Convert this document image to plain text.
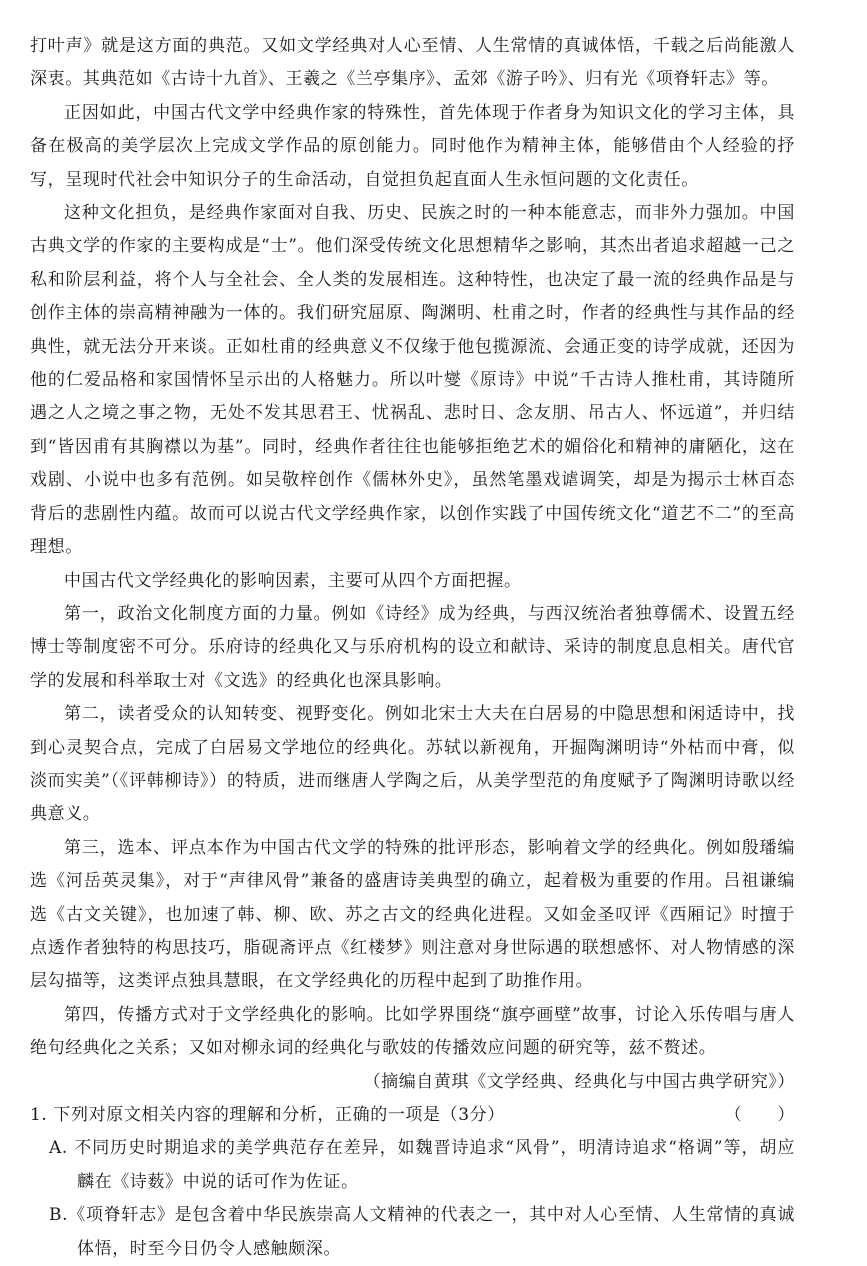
打叶声》就是这方面的典范。又如文学经典对人心至情、人生常情的真诚体悟，千载之后尚能激人深衷。其典范如《古诗十九首》、王羲之《兰亭集序》、孟郊《游子吟》、归有光《项脊轩志》等。

正因如此，中国古代文学中经典作家的特殊性，首先体现于作者身为知识文化的学习主体，具备在极高的美学层次上完成文学作品的原创能力。同时他作为精神主体，能够借由个人经验的抒写，呈现时代社会中知识分子的生命活动，自觉担负起直面人生永恒问题的文化责任。

这种文化担负，是经典作家面对自我、历史、民族之时的一种本能意志，而非外力强加。中国古典文学的作家的主要构成是“士”。他们深受传统文化思想精华之影响，其杰出者追求超越一己之私和阶层利益，将个人与全社会、全人类的发展相连。这种特性，也决定了最一流的经典作品是与创作主体的崇高精神融为一体的。我们研究屈原、陶渊明、杜甫之时，作者的经典性与其作品的经典性，就无法分开来谈。正如杜甫的经典意义不仅缘于他包揽源流、会通正变的诗学成就，还因为他的仁爱品格和家国情怀呈示出的人格魅力。所以叶燮《原诗》中说“千古诗人推杜甫，其诗随所遇之人之境之事之物，无处不发其思君王、忧祸乱、悲时日、念友朋、吊古人、怀远道”，并归结到“皆因甫有其胸襟以为基”。同时，经典作者往往也能够拒绝艺术的媚俗化和精神的庸陋化，这在戏剧、小说中也多有范例。如吴敬梓创作《儒林外史》，虽然笔墨戏谑调笑，却是为揭示士林百态背后的悲剧性内蕴。故而可以说古代文学经典作家，以创作实践了中国传统文化“道艺不二”的至高理想。

中国古代文学经典化的影响因素，主要可从四个方面把握。

第一，政治文化制度方面的力量。例如《诗经》成为经典，与西汉统治者独尊儒术、设置五经博士等制度密不可分。乐府诗的经典化又与乐府机构的设立和献诗、采诗的制度息息相关。唐代官学的发展和科举取士对《文选》的经典化也深具影响。

第二，读者受众的认知转变、视野变化。例如北宋士大夫在白居易的中隐思想和闲适诗中，找到心灵契合点，完成了白居易文学地位的经典化。苏轼以新视角，开掘陶渊明诗“外枯而中膏，似淡而实美”（《评韩柳诗》）的特质，进而继唐人学陶之后，从美学型范的角度赋予了陶渊明诗歌以经典意义。

第三，选本、评点本作为中国古代文学的特殊的批评形态，影响着文学的经典化。例如殷璠编选《河岳英灵集》，对于“声律风骨”兼备的盛唐诗美典型的确立，起着极为重要的作用。吕祖谦编选《古文关键》，也加速了韩、柳、欧、苏之古文的经典化进程。又如金圣叹评《西厢记》时擅于点透作者独特的构思技巧，脂砚斋评点《红楼梦》则注意对身世际遇的联想感怀、对人物情感的深层勾描等，这类评点独具慧眼，在文学经典化的历程中起到了助推作用。

第四，传播方式对于文学经典化的影响。比如学界围绕“旗亭画壁”故事，讨论入乐传唱与唐人绝句经典化之关系；又如对柳永词的经典化与歌妓的传播效应问题的研究等，兹不赘述。

（摘编自黄琪《文学经典、经典化与中国古典学研究》）

1. 下列对原文相关内容的理解和分析，正确的一项是（3分）	（　　）

A. 不同历史时期追求的美学典范存在差异，如魏晋诗追求“风骨”，明清诗追求“格调”等，胡应麟在《诗薮》中说的话可作为佐证。

B.《项脊轩志》是包含着中华民族崇高人文精神的代表之一，其中对人心至情、人生常情的真诚体悟，时至今日仍令人感触颇深。
